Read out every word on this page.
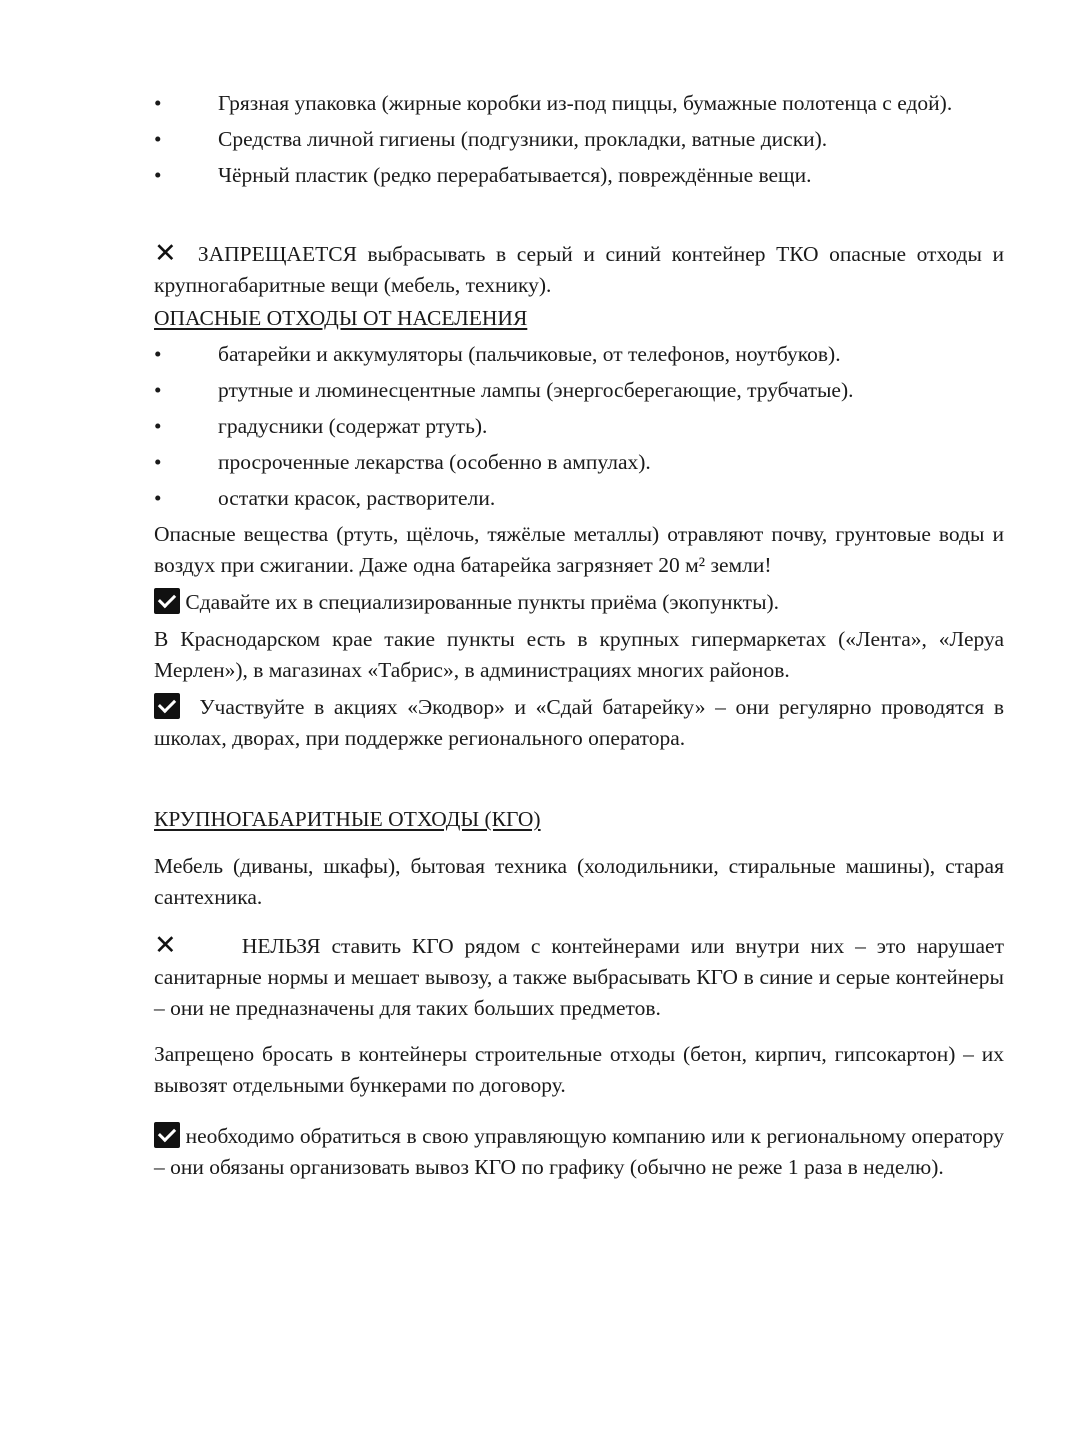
•	Грязная упаковка (жирные коробки из-под пиццы, бумажные полотенца с едой).
•	Средства личной гигиены (подгузники, прокладки, ватные диски).
•	Чёрный пластик (редко перерабатывается), повреждённые вещи.

✕ ЗАПРЕЩАЕТСЯ выбрасывать в серый и синий контейнер ТКО опасные отходы и крупногабаритные вещи (мебель, технику).

ОПАСНЫЕ ОТХОДЫ ОТ НАСЕЛЕНИЯ

•	батарейки и аккумуляторы (пальчиковые, от телефонов, ноутбуков).
•	ртутные и люминесцентные лампы (энергосберегающие, трубчатые).
•	градусники (содержат ртуть).
•	просроченные лекарства (особенно в ампулах).
•	остатки красок, растворители.

Опасные вещества (ртуть, щёлочь, тяжёлые металлы) отравляют почву, грунтовые воды и воздух при сжигании. Даже одна батарейка загрязняет 20 м² земли!

Сдавайте их в специализированные пункты приёма (экопункты).

В Краснодарском крае такие пункты есть в крупных гипермаркетах («Лента», «Леруа Мерлен»), в магазинах «Табрис», в администрациях многих районов.

Участвуйте в акциях «Экодвор» и «Сдай батарейку» – они регулярно проводятся в школах, дворах, при поддержке регионального оператора.

КРУПНОГАБАРИТНЫЕ ОТХОДЫ (КГО)

Мебель (диваны, шкафы), бытовая техника (холодильники, стиральные машины), старая сантехника.

✕	НЕЛЬЗЯ ставить КГО рядом с контейнерами или внутри них – это нарушает санитарные нормы и мешает вывозу, а также выбрасывать КГО в синие и серые контейнеры – они не предназначены для таких больших предметов.

Запрещено бросать в контейнеры строительные отходы (бетон, кирпич, гипсокартон) – их вывозят отдельными бункерами по договору.

необходимо обратиться в свою управляющую компанию или к региональному оператору – они обязаны организовать вывоз КГО по графику (обычно не реже 1 раза в неделю).
